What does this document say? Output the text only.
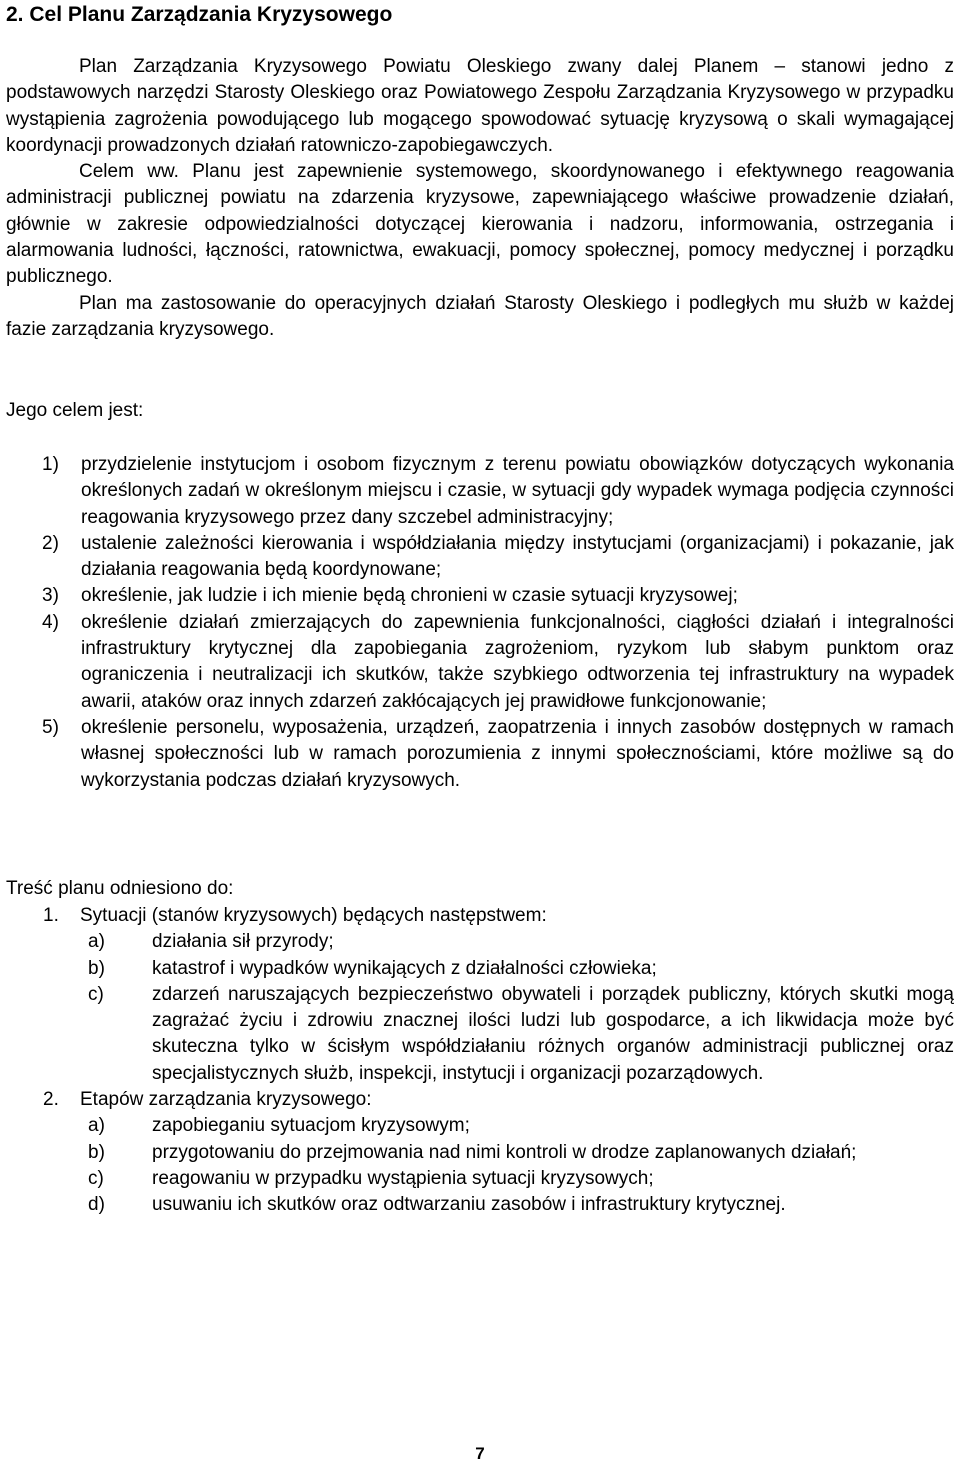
2. Cel Planu Zarządzania Kryzysowego

Plan Zarządzania Kryzysowego Powiatu Oleskiego zwany dalej Planem – stanowi jedno z podstawowych narzędzi Starosty Oleskiego oraz Powiatowego Zespołu Zarządzania Kryzysowego w przypadku wystąpienia zagrożenia powodującego lub mogącego spowodować sytuację kryzysową o skali wymagającej koordynacji prowadzonych działań ratowniczo-zapobiegawczych.

Celem ww. Planu jest zapewnienie systemowego, skoordynowanego i efektywnego reagowania administracji publicznej powiatu na zdarzenia kryzysowe, zapewniającego właściwe prowadzenie działań, głównie w zakresie odpowiedzialności dotyczącej kierowania i nadzoru, informowania, ostrzegania i alarmowania ludności, łączności, ratownictwa, ewakuacji, pomocy społecznej, pomocy medycznej i porządku publicznego.

Plan ma zastosowanie do operacyjnych działań Starosty Oleskiego i podległych mu służb w każdej fazie zarządzania kryzysowego.

Jego celem jest:
1) przydzielenie instytucjom i osobom fizycznym z terenu powiatu obowiązków dotyczących wykonania określonych zadań w określonym miejscu i czasie, w sytuacji gdy wypadek wymaga podjęcia czynności reagowania kryzysowego przez dany szczebel administracyjny;
2) ustalenie zależności kierowania i współdziałania między instytucjami (organizacjami) i pokazanie, jak działania reagowania będą koordynowane;
3) określenie, jak ludzie i ich mienie będą chronieni w czasie sytuacji kryzysowej;
4) określenie działań zmierzających do zapewnienia funkcjonalności, ciągłości działań i integralności infrastruktury krytycznej dla zapobiegania zagrożeniom, ryzykom lub słabym punktom oraz ograniczenia i neutralizacji ich skutków, także szybkiego odtworzenia tej infrastruktury na wypadek awarii, ataków oraz innych zdarzeń zakłócających jej prawidłowe funkcjonowanie;
5) określenie personelu, wyposażenia, urządzeń, zaopatrzenia i innych zasobów dostępnych w ramach własnej społeczności lub w ramach porozumienia z innymi społecznościami, które możliwe są do wykorzystania podczas działań kryzysowych.
Treść planu odniesiono do:
1. Sytuacji (stanów kryzysowych) będących następstwem:
a) działania sił przyrody;
b) katastrof i wypadków wynikających z działalności człowieka;
c)	zdarzeń naruszających bezpieczeństwo obywateli i porządek publiczny, których skutki mogą zagrażać życiu i zdrowiu znacznej ilości ludzi lub gospodarce, a ich likwidacja może być skuteczna tylko w ścisłym współdziałaniu różnych organów administracji publicznej oraz specjalistycznych służb, inspekcji, instytucji i organizacji pozarządowych.
2. Etapów zarządzania kryzysowego:
a) zapobieganiu sytuacjom kryzysowym;
b) przygotowaniu do przejmowania nad nimi kontroli w drodze zaplanowanych działań;
c)	reagowaniu w przypadku wystąpienia sytuacji kryzysowych;
d) usuwaniu ich skutków oraz odtwarzaniu zasobów i infrastruktury krytycznej.
7
